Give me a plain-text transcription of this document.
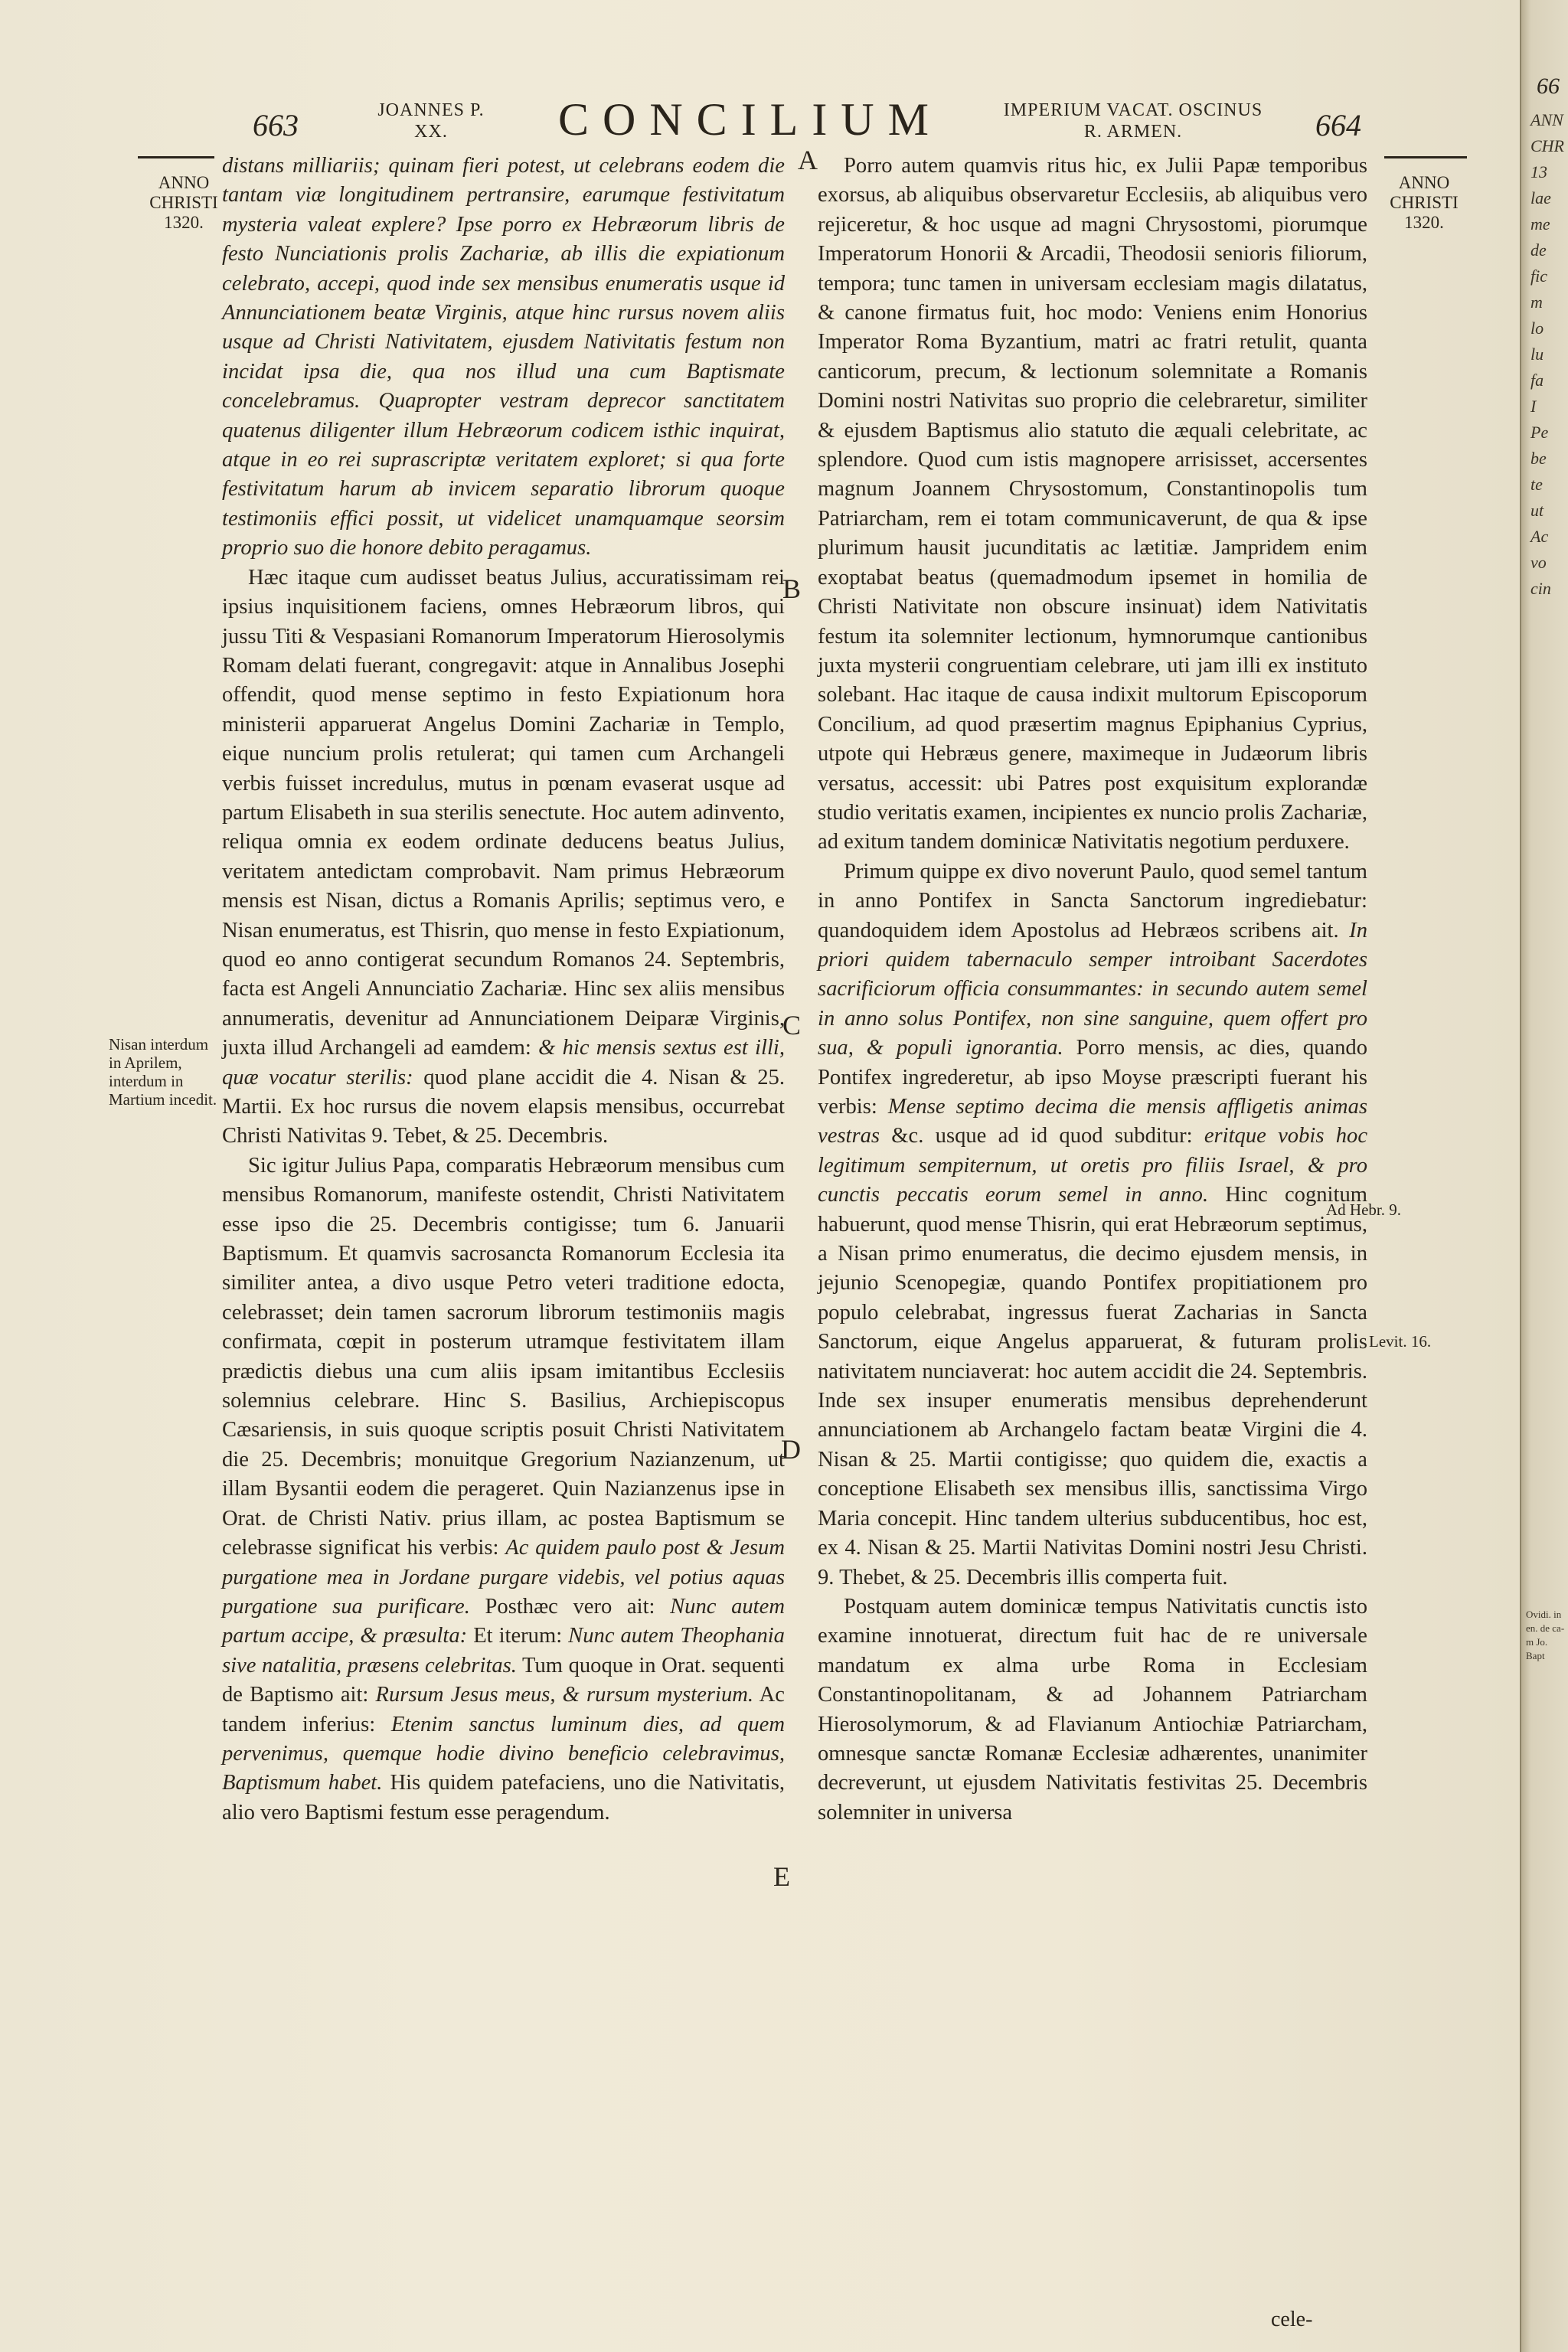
663	JOANNES P. XX.	CONCILIUM	IMPERIUM VACAT. OSCINUS R. ARMEN.	664
ANNO CHRISTI 1320.
ANNO CHRISTI 1320.
Nisan interdum in Aprilem, interdum in Martium incedit.
Ad Hebr. 9.
Levit. 16.
A
B
C
D
E

distans milliariis; quinam fieri potest, ut celebrans eodem die tantam viæ longitudinem pertransire, earumque festivitatum mysteria valeat explere? Ipse porro ex Hebræorum libris de festo Nunciationis prolis Zachariæ, ab illis die expiationum celebrato, accepi, quod inde sex mensibus enumeratis usque id Annunciationem beatæ Virginis, atque hinc rursus novem aliis usque ad Christi Nativitatem, ejusdem Nativitatis festum non incidat ipsa die, qua nos illud una cum Baptismate concelebramus. Quapropter vestram deprecor sanctitatem quatenus diligenter illum Hebræorum codicem isthic inquirat, atque in eo rei suprascriptæ veritatem exploret; si qua forte festivitatum harum ab invicem separatio librorum quoque testimoniis effici possit, ut videlicet unamquamque seorsim proprio suo die honore debito peragamus.

Hæc itaque cum audisset beatus Julius, accuratissimam rei ipsius inquisitionem faciens, omnes Hebræorum libros, qui jussu Titi & Vespasiani Romanorum Imperatorum Hierosolymis Romam delati fuerant, congregavit: atque in Annalibus Josephi offendit, quod mense septimo in festo Expiationum hora ministerii apparuerat Angelus Domini Zachariæ in Templo, eique nuncium prolis retulerat; qui tamen cum Archangeli verbis fuisset incredulus, mutus in pœnam evaserat usque ad partum Elisabeth in sua sterilis senectute. Hoc autem adinvento, reliqua omnia ex eodem ordinate deducens beatus Julius, veritatem antedictam comprobavit. Nam primus Hebræorum mensis est Nisan, dictus a Romanis Aprilis; septimus vero, e Nisan enumeratus, est Thisrin, quo mense in festo Expiationum, quod eo anno contigerat secundum Romanos 24. Septembris, facta est Angeli Annunciatio Zachariæ. Hinc sex aliis mensibus annumeratis, devenitur ad Annunciationem Deiparæ Virginis, juxta illud Archangeli ad eamdem: & hic mensis sextus est illi, quæ vocatur sterilis: quod plane accidit die 4. Nisan & 25. Martii. Ex hoc rursus die novem elapsis mensibus, occurrebat Christi Nativitas 9. Tebet, & 25. Decembris.

Sic igitur Julius Papa, comparatis Hebræorum mensibus cum mensibus Romanorum, manifeste ostendit, Christi Nativitatem esse ipso die 25. Decembris contigisse; tum 6. Januarii Baptismum. Et quamvis sacrosancta Romanorum Ecclesia ita similiter antea, a divo usque Petro veteri traditione edocta, celebrasset; dein tamen sacrorum librorum testimoniis magis confirmata, cœpit in posterum utramque festivitatem illam prædictis diebus una cum aliis ipsam imitantibus Ecclesiis solemnius celebrare. Hinc S. Basilius, Archiepiscopus Cæsariensis, in suis quoque scriptis posuit Christi Nativitatem die 25. Decembris; monuitque Gregorium Nazianzenum, ut illam Bysantii eodem die perageret. Quin Nazianzenus ipse in Orat. de Christi Nativ. prius illam, ac postea Baptismum se celebrasse significat his verbis: Ac quidem paulo post & Jesum purgatione mea in Jordane purgare videbis, vel potius aquas purgatione sua purificare. Posthæc vero ait: Nunc autem partum accipe, & præsulta: Et iterum: Nunc autem Theophania sive natalitia, præsens celebritas. Tum quoque in Orat. sequenti de Baptismo ait: Rursum Jesus meus, & rursum mysterium. Ac tandem inferius: Etenim sanctus luminum dies, ad quem pervenimus, quemque hodie divino beneficio celebravimus, Baptismum habet. His quidem patefaciens, uno die Nativitatis, alio vero Baptismi festum esse peragendum.

Porro autem quamvis ritus hic, ex Julii Papæ temporibus exorsus, ab aliquibus observaretur Ecclesiis, ab aliquibus vero rejiceretur, & hoc usque ad magni Chrysostomi, piorumque Imperatorum Honorii & Arcadii, Theodosii senioris filiorum, tempora; tunc tamen in universam ecclesiam magis dilatatus, & canone firmatus fuit, hoc modo: Veniens enim Honorius Imperator Roma Byzantium, matri ac fratri retulit, quanta canticorum, precum, & lectionum solemnitate a Romanis Domini nostri Nativitas suo proprio die celebraretur, similiter & ejusdem Baptismus alio statuto die æquali celebritate, ac splendore. Quod cum istis magnopere arrisisset, accersentes magnum Joannem Chrysostomum, Constantinopolis tum Patriarcham, rem ei totam communicaverunt, de qua & ipse plurimum hausit jucunditatis ac lætitiæ. Jampridem enim exoptabat beatus (quemadmodum ipsemet in homilia de Christi Nativitate non obscure insinuat) idem Nativitatis festum ita solemniter lectionum, hymnorumque cantionibus juxta mysterii congruentiam celebrare, uti jam illi ex instituto solebant. Hac itaque de causa indixit multorum Episcoporum Concilium, ad quod præsertim magnus Epiphanius Cyprius, utpote qui Hebræus genere, maximeque in Judæorum libris versatus, accessit: ubi Patres post exquisitum explorandæ studio veritatis examen, incipientes ex nuncio prolis Zachariæ, ad exitum tandem dominicæ Nativitatis negotium perduxere.

Primum quippe ex divo noverunt Paulo, quod semel tantum in anno Pontifex in Sancta Sanctorum ingrediebatur: quandoquidem idem Apostolus ad Hebræos scribens ait. In priori quidem tabernaculo semper introibant Sacerdotes sacrificiorum officia consummantes: in secundo autem semel in anno solus Pontifex, non sine sanguine, quem offert pro sua, & populi ignorantia. Porro mensis, ac dies, quando Pontifex ingrederetur, ab ipso Moyse præscripti fuerant his verbis: Mense septimo decima die mensis affligetis animas vestras &c. usque ad id quod subditur: eritque vobis hoc legitimum sempiternum, ut oretis pro filiis Israel, & pro cunctis peccatis eorum semel in anno. Hinc cognitum habuerunt, quod mense Thisrin, qui erat Hebræorum septimus, a Nisan primo enumeratus, die decimo ejusdem mensis, in jejunio Scenopegiæ, quando Pontifex propitiationem pro populo celebrabat, ingressus fuerat Zacharias in Sancta Sanctorum, eique Angelus apparuerat, & futuram prolis nativitatem nunciaverat: hoc autem accidit die 24. Septembris. Inde sex insuper enumeratis mensibus deprehenderunt annunciationem ab Archangelo factam beatæ Virgini die 4. Nisan & 25. Martii contigisse; quo quidem die, exactis a conceptione Elisabeth sex mensibus illis, sanctissima Virgo Maria concepit. Hinc tandem ulterius subducentibus, hoc est, ex 4. Nisan & 25. Martii Nativitas Domini nostri Jesu Christi. 9. Thebet, & 25. Decembris illis comperta fuit.

Postquam autem dominicæ tempus Nativitatis cunctis isto examine innotuerat, directum fuit hac de re universale mandatum ex alma urbe Roma in Ecclesiam Constantinopolitanam, & ad Johannem Patriarcham Hierosolymorum, & ad Flavianum Antiochiæ Patriarcham, omnesque sanctæ Romanæ Ecclesiæ adhærentes, unanimiter decreverunt, ut ejusdem Nativitatis festivitas 25. Decembris solemniter in universa

cele-
66
ANN
CHR
13
lae
me
de
fic
m
lo
lu
fa
I
Pe
be
te
ut
Ac
vo
cin
Ovidi. in
en. de ca-
m Jo. Bapt
